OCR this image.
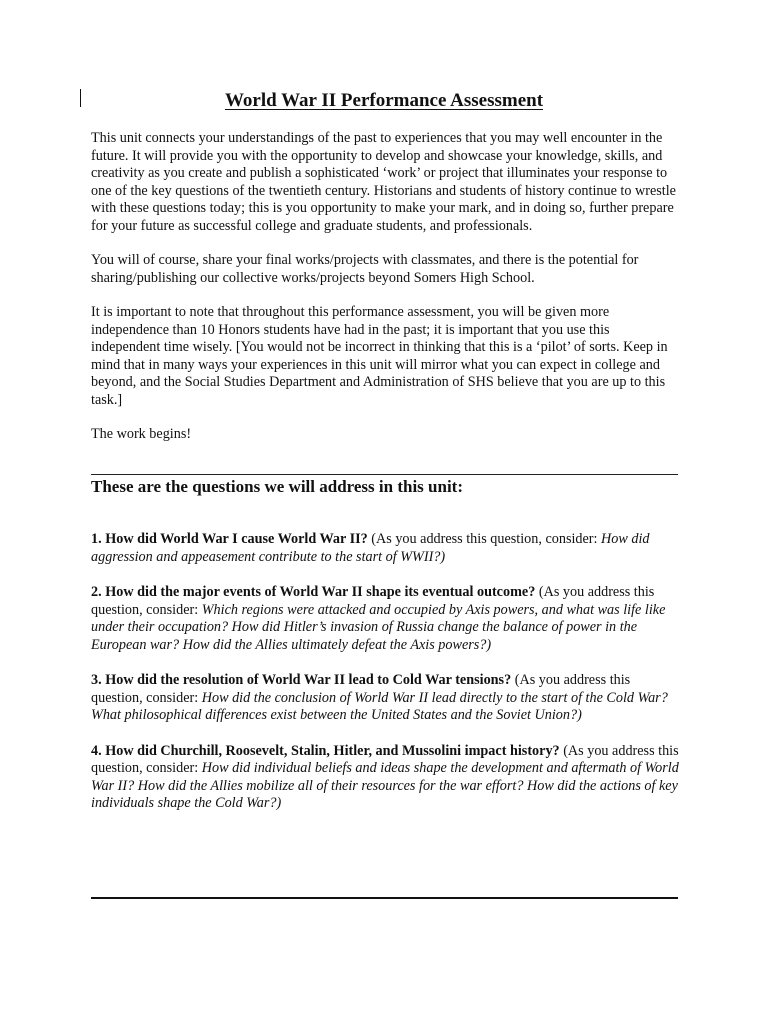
World War II Performance Assessment

This unit connects your understandings of the past to experiences that you may well encounter in the future. It will provide you with the opportunity to develop and showcase your knowledge, skills, and creativity as you create and publish a sophisticated ‘work’ or project that illuminates your response to one of the key questions of the twentieth century. Historians and students of history continue to wrestle with these questions today; this is you opportunity to make your mark, and in doing so, further prepare for your future as successful college and graduate students, and professionals.

You will of course, share your final works/projects with classmates, and there is the potential for sharing/publishing our collective works/projects beyond Somers High School.

It is important to note that throughout this performance assessment, you will be given more independence than 10 Honors students have had in the past; it is important that you use this independent time wisely. [You would not be incorrect in thinking that this is a ‘pilot’ of sorts. Keep in mind that in many ways your experiences in this unit will mirror what you can expect in college and beyond, and the Social Studies Department and Administration of SHS believe that you are up to this task.]

The work begins!

These are the questions we will address in this unit:

1. How did World War I cause World War II? (As you address this question, consider: How did aggression and appeasement contribute to the start of WWII?)

2. How did the major events of World War II shape its eventual outcome? (As you address this question, consider: Which regions were attacked and occupied by Axis powers, and what was life like under their occupation? How did Hitler’s invasion of Russia change the balance of power in the European war? How did the Allies ultimately defeat the Axis powers?)

3. How did the resolution of World War II lead to Cold War tensions? (As you address this question, consider: How did the conclusion of World War II lead directly to the start of the Cold War? What philosophical differences exist between the United States and the Soviet Union?)

4. How did Churchill, Roosevelt, Stalin, Hitler, and Mussolini impact history? (As you address this question, consider: How did individual beliefs and ideas shape the development and aftermath of World War II? How did the Allies mobilize all of their resources for the war effort? How did the actions of key individuals shape the Cold War?)
